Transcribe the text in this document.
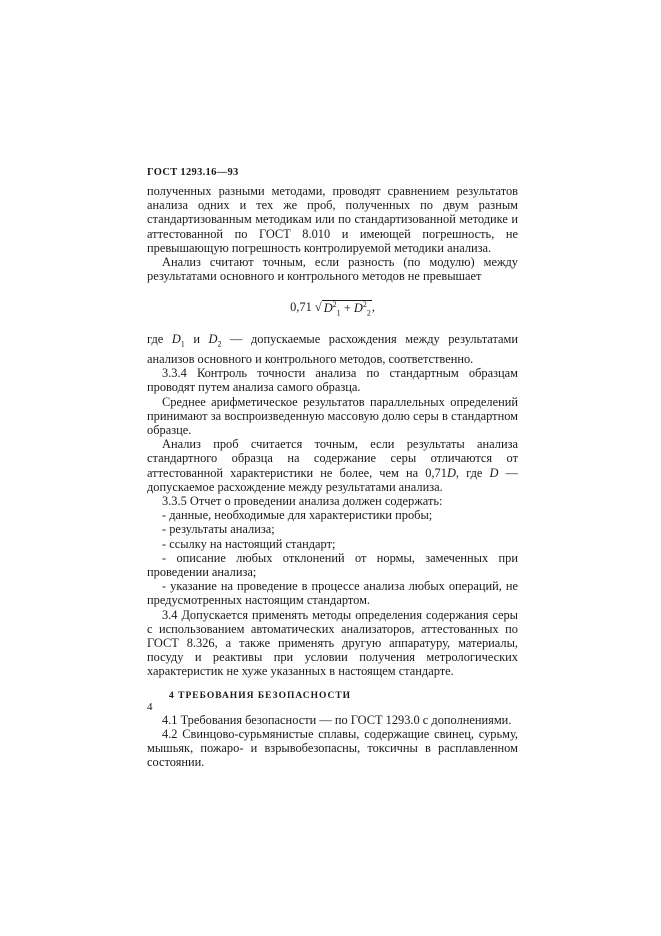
ГОСТ 1293.16—93

полученных разными методами, проводят сравнением результатов анализа одних и тех же проб, полученных по двум разным стандартизованным методикам или по стандартизованной методике и аттестованной по ГОСТ 8.010 и имеющей погрешность, не превышающую погрешность контролируемой методики анализа.

Анализ считают точным, если разность (по модулю) между результатами основного и контрольного методов не превышает

0,71 √ $D^2_1 + D^2_2$,

где $D_1$ и $D_2$ — допускаемые расхождения между результатами анализов основного и контрольного методов, соответственно.

3.3.4 Контроль точности анализа по стандартным образцам проводят путем анализа самого образца.

Среднее арифметическое результатов параллельных определений принимают за воспроизведенную массовую долю серы в стандартном образце.

Анализ проб считается точным, если результаты анализа стандартного образца на содержание серы отличаются от аттестованной характеристики не более, чем на 0,71D, где D — допускаемое расхождение между результатами анализа.

3.3.5 Отчет о проведении анализа должен содержать:

- данные, необходимые для характеристики пробы;

- результаты анализа;

- ссылку на настоящий стандарт;

- описание любых отклонений от нормы, замеченных при проведении анализа;

- указание на проведение в процессе анализа любых операций, не предусмотренных настоящим стандартом.

3.4 Допускается применять методы определения содержания серы с использованием автоматических анализаторов, аттестованных по ГОСТ 8.326, а также применять другую аппаратуру, материалы, посуду и реактивы при условии получения метрологических характеристик не хуже указанных в настоящем стандарте.

4 ТРЕБОВАНИЯ БЕЗОПАСНОСТИ

4.1 Требования безопасности — по ГОСТ 1293.0 с дополнениями.

4.2 Свинцово-сурьмянистые сплавы, содержащие свинец, сурьму, мышьяк, пожаро- и взрывобезопасны, токсичны в расплавленном состоянии.

4
